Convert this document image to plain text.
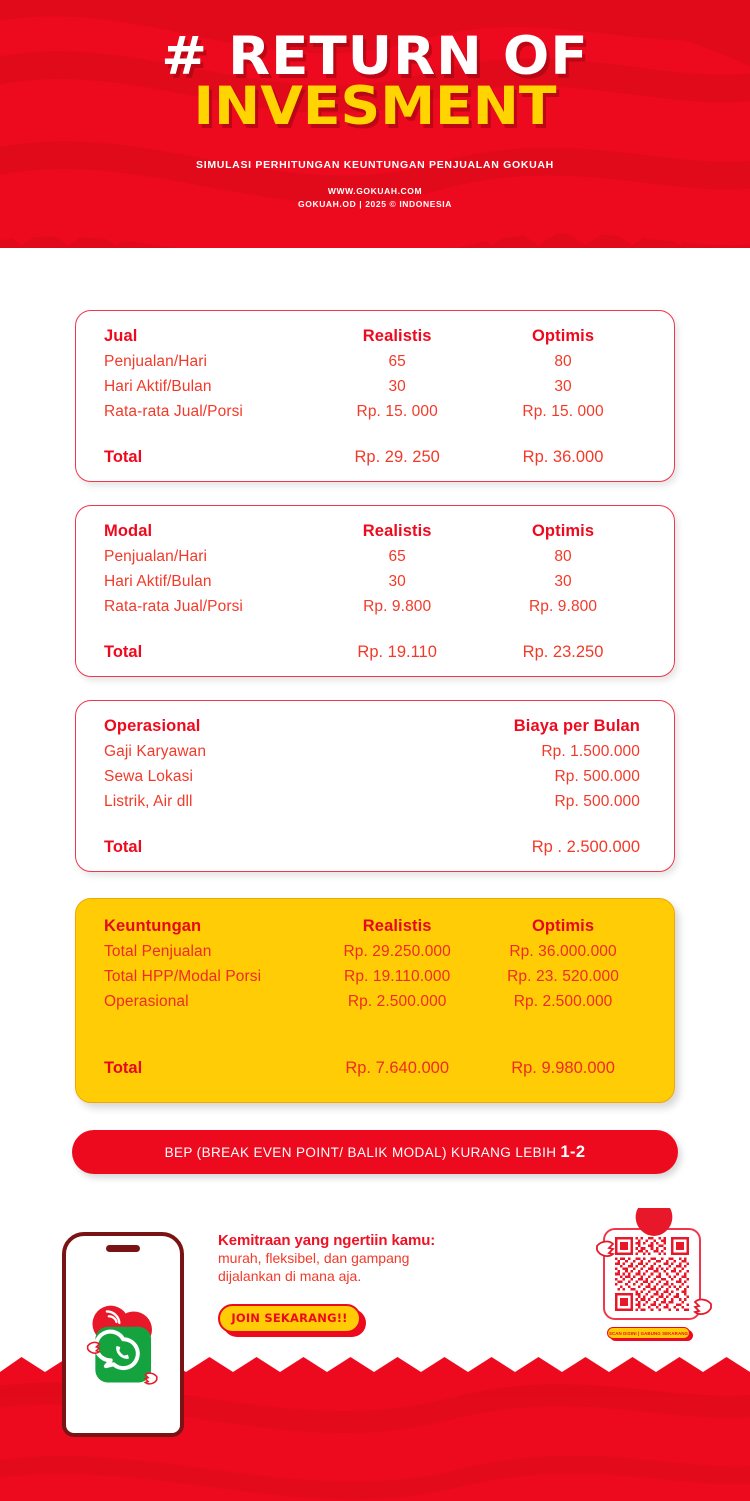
# RETURN OF
INVESMENT
SIMULASI PERHITUNGAN KEUNTUNGAN PENJUALAN GOKUAH
WWW.GOKUAH.COM
GOKUAH.OD | 2025 © INDONESIA
Jual	Realistis	Optimis
Penjualan/Hari	65	80
Hari Aktif/Bulan	30	30
Rata-rata Jual/Porsi	Rp. 15. 000	Rp. 15. 000
Total	Rp. 29. 250	Rp. 36.000
Modal	Realistis	Optimis
Penjualan/Hari	65	80
Hari Aktif/Bulan	30	30
Rata-rata Jual/Porsi	Rp. 9.800	Rp. 9.800
Total	Rp. 19.110	Rp. 23.250
Operasional	Biaya per Bulan
Gaji Karyawan	Rp. 1.500.000
Sewa Lokasi	Rp. 500.000
Listrik, Air dll	Rp. 500.000
Total	Rp . 2.500.000
Keuntungan	Realistis	Optimis
Total Penjualan	Rp. 29.250.000	Rp. 36.000.000
Total HPP/Modal Porsi	Rp. 19.110.000	Rp. 23. 520.000
Operasional	Rp. 2.500.000	Rp. 2.500.000
Total	Rp. 7.640.000	Rp. 9.980.000
BEP (BREAK EVEN POINT/ BALIK MODAL) KURANG LEBIH 1-2
Kemitraan yang ngertiin kamu:
murah, fleksibel, dan gampang
dijalankan di mana aja.
JOIN SEKARANG!!
SCAN DISINI | GABUNG SEKARANG
